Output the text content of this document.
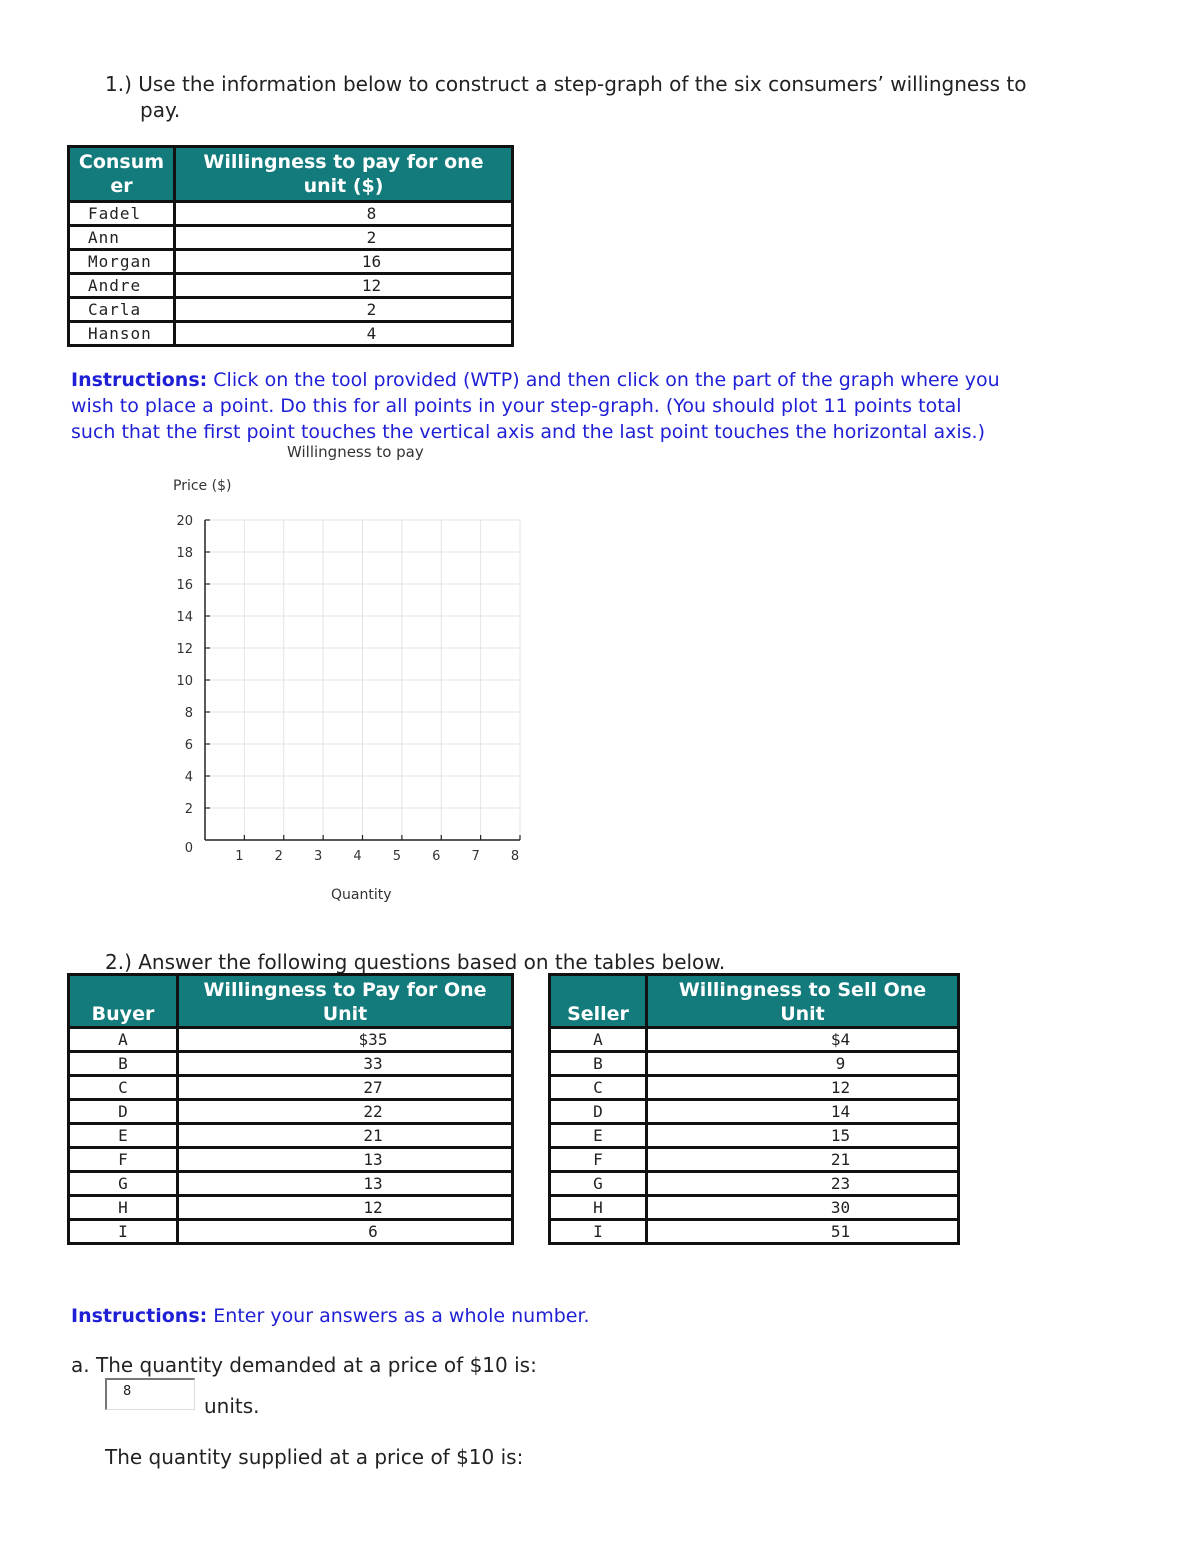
1.) Use the information below to construct a step-graph of the six consumers’ willingness to
pay.
Consum er	Willingness to pay for one unit ($)
Fadel	8
Ann	2
Morgan	16
Andre	12
Carla	2
Hanson	4
Instructions: Click on the tool provided (WTP) and then click on the part of the graph where you
wish to place a point. Do this for all points in your step-graph. (You should plot 11 points total
such that the first point touches the vertical axis and the last point touches the horizontal axis.)
Willingness to pay
Price ($)
20
18
16
14
12
10
8
6
4
2
1 2 3 4 5 6 7 8
0
Quantity
2.) Answer the following questions based on the tables below.
Buyer	Willingness to Pay for One
Unit

A	$35
B	33
C	27
D	22
E	21
F	13
G	13
H	12
I	6
Seller	Willingness to Sell One
Unit

A	$4
B	9
C	12
D	14
E	15
F	21
G	23
H	30
I	51
Instructions: Enter your answers as a whole number.
a. The quantity demanded at a price of $10 is:
8
units.
The quantity supplied at a price of $10 is:
